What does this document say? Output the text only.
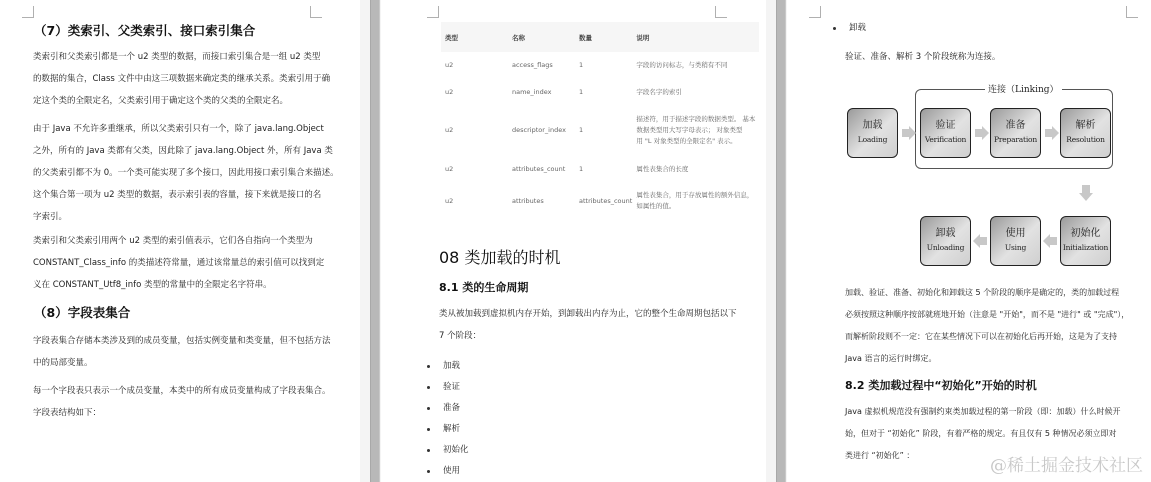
（7）类索引、父类索引、接口索引集合
类索引和父类索引都是一个 u2 类型的数据，而接口索引集合是一组 u2 类型
的数据的集合，Class 文件中由这三项数据来确定类的继承关系。类索引用于确
定这个类的全限定名，父类索引用于确定这个类的父类的全限定名。
由于 Java 不允许多重继承，所以父类索引只有一个，除了 java.lang.Object
之外，所有的 Java 类都有父类，因此除了 java.lang.Object 外，所有 Java 类
的父类索引都不为 0。一个类可能实现了多个接口，因此用接口索引集合来描述。
这个集合第一项为 u2 类型的数据，表示索引表的容量，接下来就是接口的名
字索引。
类索引和父类索引用两个 u2 类型的索引值表示，它们各自指向一个类型为
CONSTANT_Class_info 的类描述符常量，通过该常量总的索引值可以找到定
义在 CONSTANT_Utf8_info 类型的常量中的全限定名字符串。
（8）字段表集合
字段表集合存储本类涉及到的成员变量，包括实例变量和类变量，但不包括方法
中的局部变量。
每一个字段表只表示一个成员变量，本类中的所有成员变量构成了字段表集合。
字段表结构如下：
类型	名称	数量	说明
u2	access_flags	1	字段的访问标志，与类稍有不同
u2	name_index	1	字段名字的索引
u2	descriptor_index	1	描述符，用于描述字段的数据类型。 基本
数据类型用大写字母表示； 对象类型
用 "L 对象类型的全限定名" 表示。

u2	attributes_count	1	属性表集合的长度
u2	attributes	attributes_count	属性表集合，用于存放属性的额外信息，
如属性的值。
08 类加载的时机
8.1 类的生命周期
类从被加载到虚拟机内存开始，到卸载出内存为止，它的整个生命周期包括以下
7 个阶段：
加载
验证
准备
解析
初始化
使用
卸载
验证、准备、解析 3 个阶段统称为连接。
连接（Linking）
加载
Loading
验证
Verification
准备
Preparation
解析
Resolution
初始化
Initialization
使用
Using
卸载
Unloading
加载、验证、准备、初始化和卸载这 5 个阶段的顺序是确定的，类的加载过程
必须按照这种顺序按部就班地开始（注意是 "开始"，而不是 "进行" 或 "完成"），
而解析阶段则不一定：它在某些情况下可以在初始化后再开始，这是为了支持
Java 语言的运行时绑定。
8.2 类加载过程中“初始化”开始的时机
Java 虚拟机规范没有强制约束类加载过程的第一阶段（即：加载）什么时候开
始，但对于 “初始化” 阶段，有着严格的规定。有且仅有 5 种情况必须立即对
类进行 “初始化” ：
@稀土掘金技术社区
